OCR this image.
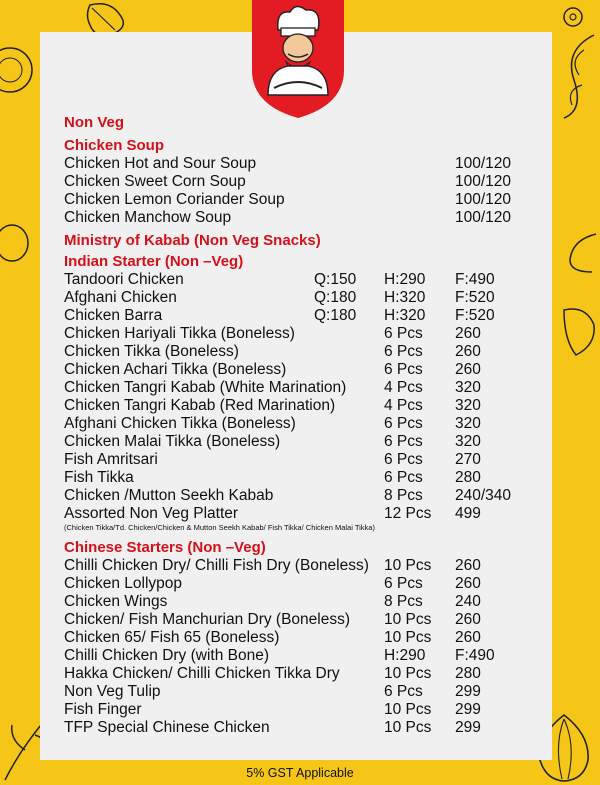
Non Veg
Chicken Soup
Chicken Hot and Sour Soup	100/120
Chicken Sweet Corn Soup	100/120
Chicken Lemon Coriander Soup	100/120
Chicken Manchow Soup	100/120
Ministry of Kabab (Non Veg Snacks)
Indian Starter (Non –Veg)
Tandoori Chicken	Q:150 H:290 F:490
Afghani Chicken	Q:180 H:320 F:520
Chicken Barra	Q:180 H:320 F:520
Chicken Hariyali Tikka (Boneless)	6 Pcs 260
Chicken Tikka (Boneless)	6 Pcs 260
Chicken Achari Tikka (Boneless)	6 Pcs 260
Chicken Tangri Kabab (White Marination) 4 Pcs 320
Chicken Tangri Kabab (Red Marination)	4 Pcs 320
Afghani Chicken Tikka (Boneless)	6 Pcs 320
Chicken Malai Tikka (Boneless)	6 Pcs 320
Fish Amritsari	6 Pcs 270
Fish Tikka	6 Pcs 280
Chicken /Mutton Seekh Kabab	8 Pcs 240/340
Assorted Non Veg Platter	12 Pcs 499
(Chicken Tikka/Td. Chicken/Chicken & Mutton Seekh Kabab/ Fish Tikka/ Chicken Malai Tikka)
Chinese Starters (Non –Veg)
Chilli Chicken Dry/ Chilli Fish Dry (Boneless) 10 Pcs 260
Chicken Lollypop	6 Pcs 260
Chicken Wings	8 Pcs 240
Chicken/ Fish Manchurian Dry (Boneless) 10 Pcs 260
Chicken 65/ Fish 65 (Boneless)	10 Pcs 260
Chilli Chicken Dry (with Bone)	H:290 F:490
Hakka Chicken/ Chilli Chicken Tikka Dry	10 Pcs 280
Non Veg Tulip	6 Pcs 299
Fish Finger	10 Pcs 299
TFP Special Chinese Chicken	10 Pcs 299
5% GST Applicable
